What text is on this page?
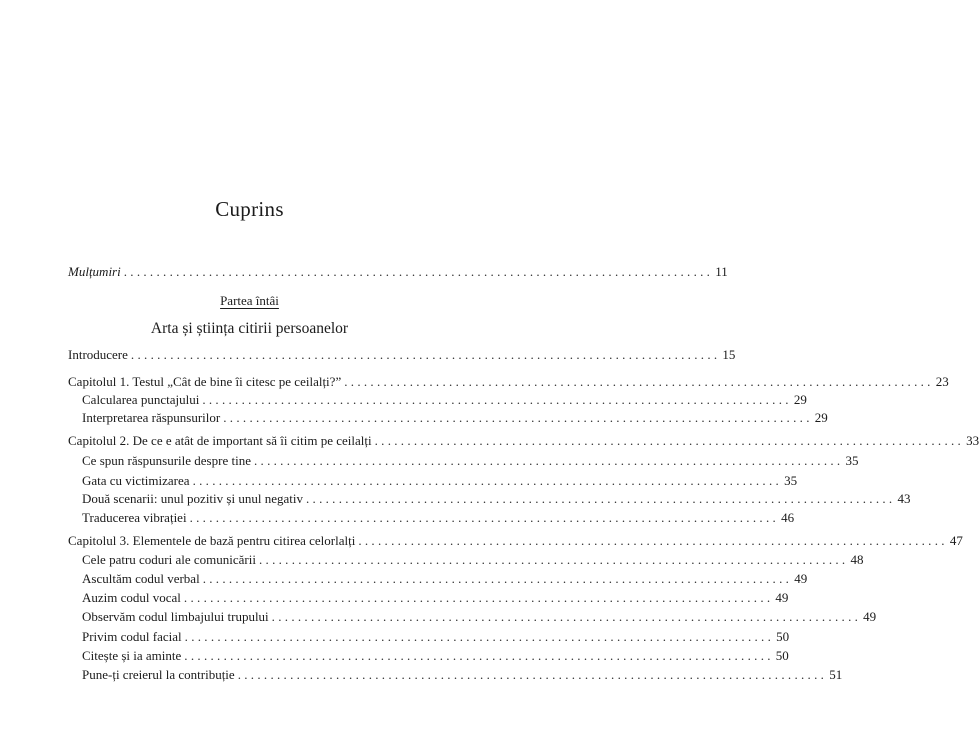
Cuprins
Mulțumiri .......................................................................................... 11
Partea întâi
Arta și știința citirii persoanelor
Introducere .......................................................................................... 15
Capitolul 1. Testul „Cât de bine îi citesc pe ceilalți?” .......................................................................................... 23
Calcularea punctajului .......................................................................................... 29
Interpretarea răspunsurilor .......................................................................................... 29
Capitolul 2. De ce e atât de important să îi citim pe ceilalți .......................................................................................... 33
Ce spun răspunsurile despre tine .......................................................................................... 35
Gata cu victimizarea .......................................................................................... 35
Două scenarii: unul pozitiv și unul negativ .......................................................................................... 43
Traducerea vibrației .......................................................................................... 46
Capitolul 3. Elementele de bază pentru citirea celorlalți .......................................................................................... 47
Cele patru coduri ale comunicării .......................................................................................... 48
Ascultăm codul verbal .......................................................................................... 49
Auzim codul vocal .......................................................................................... 49
Observăm codul limbajului trupului .......................................................................................... 49
Privim codul facial .......................................................................................... 50
Citește și ia aminte .......................................................................................... 50
Pune-ți creierul la contribuție .......................................................................................... 51
